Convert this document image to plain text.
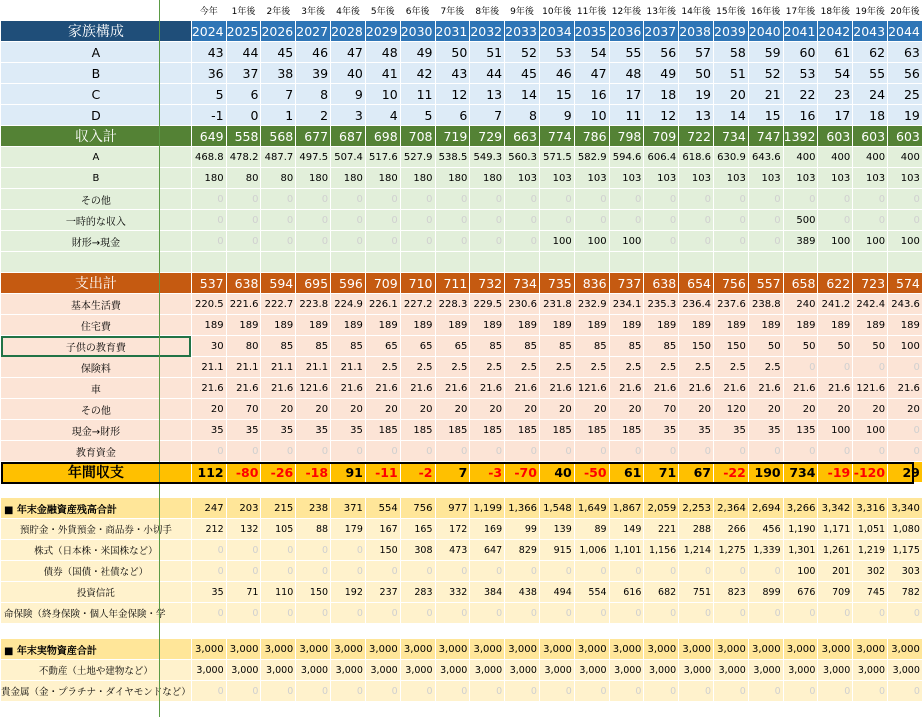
	今年	1年後	2年後	3年後	4年後	5年後	6年後	7年後	8年後	9年後	10年後	11年後	12年後	13年後	14年後	15年後	16年後	17年後	18年後	19年後	20年後
家族構成	2024	2025	2026	2027	2028	2029	2030	2031	2032	2033	2034	2035	2036	2037	2038	2039	2040	2041	2042	2043	2044
A	43	44	45	46	47	48	49	50	51	52	53	54	55	56	57	58	59	60	61	62	63
B	36	37	38	39	40	41	42	43	44	45	46	47	48	49	50	51	52	53	54	55	56
C	5	6	7	8	9	10	11	12	13	14	15	16	17	18	19	20	21	22	23	24	25
D	-1	0	1	2	3	4	5	6	7	8	9	10	11	12	13	14	15	16	17	18	19
収入計	649	558	568	677	687	698	708	719	729	663	774	786	798	709	722	734	747	1392	603	603	603
A	468.8	478.2	487.7	497.5	507.4	517.6	527.9	538.5	549.3	560.3	571.5	582.9	594.6	606.4	618.6	630.9	643.6	400	400	400	400
B	180	80	80	180	180	180	180	180	180	103	103	103	103	103	103	103	103	103	103	103	103
その他	0	0	0	0	0	0	0	0	0	0	0	0	0	0	0	0	0	0	0	0	0
一時的な収入	0	0	0	0	0	0	0	0	0	0	0	0	0	0	0	0	0	500	0	0	0
財形→現金	0	0	0	0	0	0	0	0	0	0	100	100	100	0	0	0	0	389	100	100	100

支出計	537	638	594	695	596	709	710	711	732	734	735	836	737	638	654	756	557	658	622	723	574
基本生活費	220.5	221.6	222.7	223.8	224.9	226.1	227.2	228.3	229.5	230.6	231.8	232.9	234.1	235.3	236.4	237.6	238.8	240	241.2	242.4	243.6
住宅費	189	189	189	189	189	189	189	189	189	189	189	189	189	189	189	189	189	189	189	189	189
子供の教育費	30	80	85	85	85	65	65	65	85	85	85	85	85	85	150	150	50	50	50	50	100
保険料	21.1	21.1	21.1	21.1	21.1	2.5	2.5	2.5	2.5	2.5	2.5	2.5	2.5	2.5	2.5	2.5	2.5	0	0	0	0
車	21.6	21.6	21.6	121.6	21.6	21.6	21.6	21.6	21.6	21.6	21.6	121.6	21.6	21.6	21.6	21.6	21.6	21.6	21.6	121.6	21.6
その他	20	70	20	20	20	20	20	20	20	20	20	20	20	70	20	120	20	20	20	20	20
現金→財形	35	35	35	35	35	185	185	185	185	185	185	185	185	35	35	35	35	135	100	100	0
教育資金	0	0	0	0	0	0	0	0	0	0	0	0	0	0	0	0	0	0	0	0	0
年間収支	112	-80	-26	-18	91	-11	-2	7	-3	-70	40	-50	61	71	67	-22	190	734	-19	-120	29

■ 年末金融資産残高合計	247	203	215	238	371	554	756	977	1,199	1,366	1,548	1,649	1,867	2,059	2,253	2,364	2,694	3,266	3,342	3,316	3,340
預貯金・外貨預金・商品券・小切手	212	132	105	88	179	167	165	172	169	99	139	89	149	221	288	266	456	1,190	1,171	1,051	1,080
株式（日本株・米国株など）	0	0	0	0	0	150	308	473	647	829	915	1,006	1,101	1,156	1,214	1,275	1,339	1,301	1,261	1,219	1,175
債券（国債・社債など）	0	0	0	0	0	0	0	0	0	0	0	0	0	0	0	0	0	100	201	302	303
投資信託	35	71	110	150	192	237	283	332	384	438	494	554	616	682	751	823	899	676	709	745	782
命保険（終身保険・個人年金保険・学	0	0	0	0	0	0	0	0	0	0	0	0	0	0	0	0	0	0	0	0	0

■ 年末実物資産合計	3,000	3,000	3,000	3,000	3,000	3,000	3,000	3,000	3,000	3,000	3,000	3,000	3,000	3,000	3,000	3,000	3,000	3,000	3,000	3,000	3,000
不動産（土地や建物など）	3,000	3,000	3,000	3,000	3,000	3,000	3,000	3,000	3,000	3,000	3,000	3,000	3,000	3,000	3,000	3,000	3,000	3,000	3,000	3,000	3,000
貴金属（金・プラチナ・ダイヤモンドなど）	0	0	0	0	0	0	0	0	0	0	0	0	0	0	0	0	0	0	0	0	0
